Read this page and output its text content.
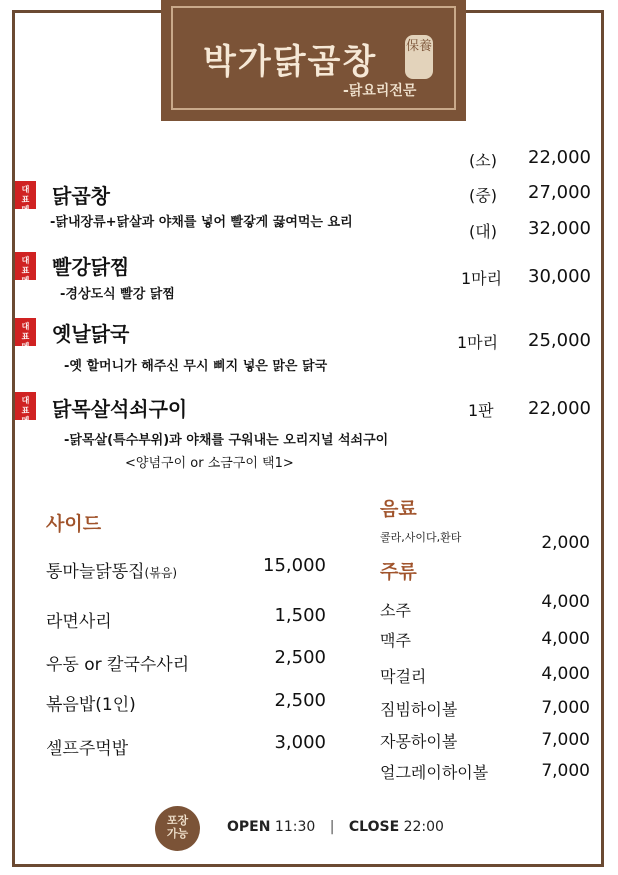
박가닭곱창 保養
-닭요리전문
(소) 22,000
대표메뉴
닭곱창	(중) 27,000
-닭내장류+닭살과 야채를 넣어 빨갛게 끓여먹는 요리	(대) 32,000
대표메뉴
빨강닭찜
-경상도식 빨강 닭찜
1마리 30,000
대표메뉴
옛날닭국
-옛 할머니가 해주신 무시 삐지 넣은 맑은 닭국
1마리 25,000
대표메뉴
닭목살석쇠구이	1판 22,000
-닭목살(특수부위)과 야채를 구워내는 오리지널 석쇠구이
<양념구이 or 소금구이 택1>
사이드
통마늘닭똥집(볶음)	15,000
라면사리	1,500
우동 or 칼국수사리	2,500
볶음밥(1인)	2,500
셀프주먹밥	3,000
음료
콜라,사이다,환타	2,000
주류
소주	4,000
맥주	4,000
막걸리	4,000
짐빔하이볼	7,000
자몽하이볼	7,000
얼그레이하이볼	7,000
포장가능	OPEN 11:30 | CLOSE 22:00
